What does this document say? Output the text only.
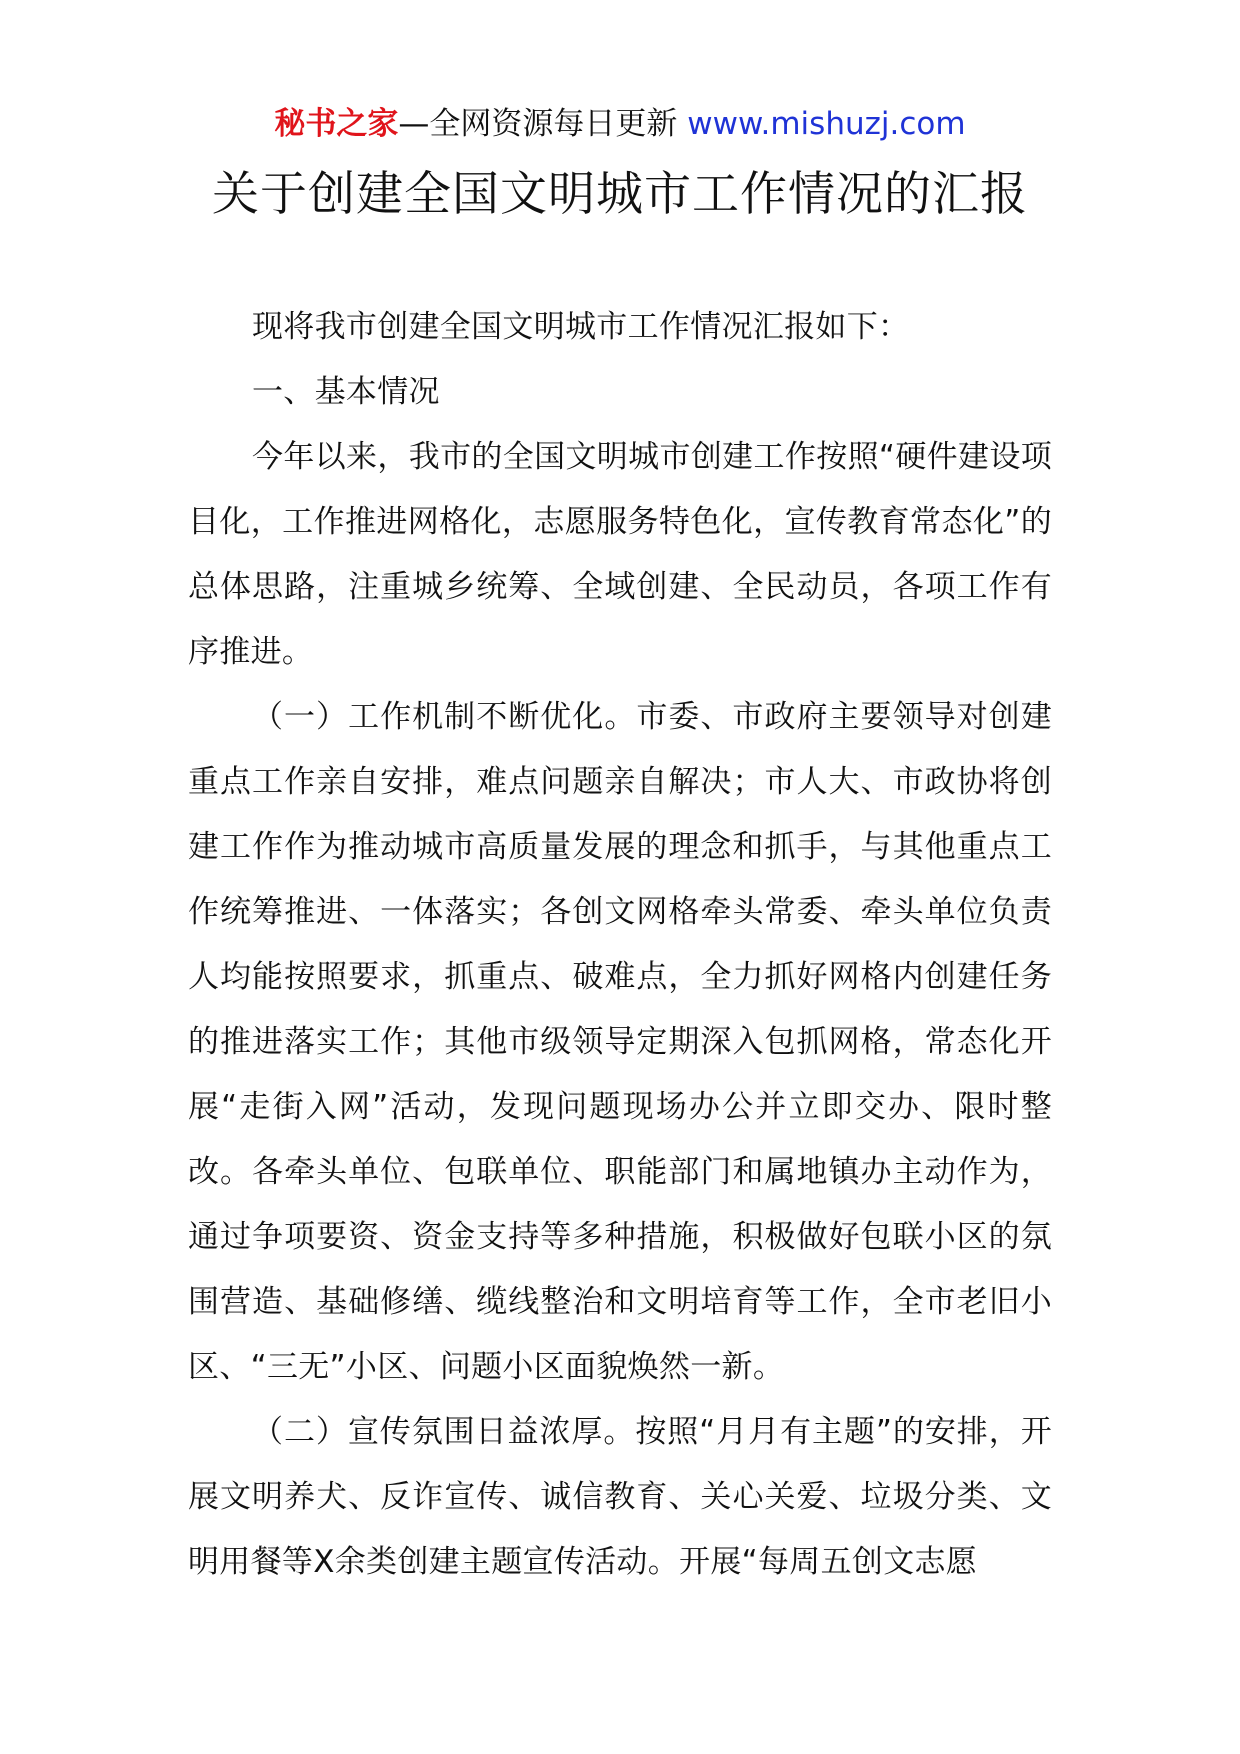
秘书之家—全网资源每日更新 www.mishuzj.com
关于创建全国文明城市工作情况的汇报

现将我市创建全国文明城市工作情况汇报如下：

一、基本情况

今年以来，我市的全国文明城市创建工作按照“硬件建设项目化，工作推进网格化，志愿服务特色化，宣传教育常态化”的总体思路，注重城乡统筹、全域创建、全民动员，各项工作有序推进。

（一）工作机制不断优化。市委、市政府主要领导对创建重点工作亲自安排，难点问题亲自解决；市人大、市政协将创建工作作为推动城市高质量发展的理念和抓手，与其他重点工作统筹推进、一体落实；各创文网格牵头常委、牵头单位负责人均能按照要求，抓重点、破难点，全力抓好网格内创建任务的推进落实工作；其他市级领导定期深入包抓网格，常态化开展“走街入网”活动，发现问题现场办公并立即交办、限时整改。各牵头单位、包联单位、职能部门和属地镇办主动作为，通过争项要资、资金支持等多种措施，积极做好包联小区的氛围营造、基础修缮、缆线整治和文明培育等工作，全市老旧小区、“三无”小区、问题小区面貌焕然一新。

（二）宣传氛围日益浓厚。按照“月月有主题”的安排，开展文明养犬、反诈宣传、诚信教育、关心关爱、垃圾分类、文明用餐等X余类创建主题宣传活动。开展“每周五创文志愿
